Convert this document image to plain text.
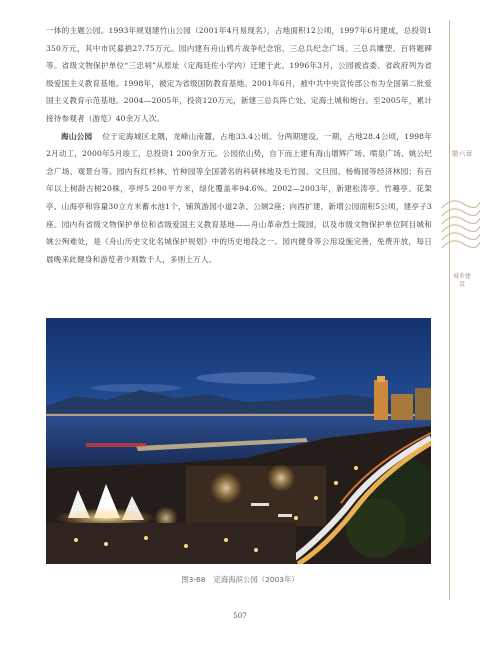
一体的主题公园。1993年规划建竹山公园（2001年4月易现名），占地面积12公顷，1997年6月建成，总投资1 350万元，其中市民募捐27.75万元。园内建有舟山鸦片战争纪念馆、三总兵纪念广场、三总兵雕塑、百将题碑等。省级文物保护单位“三忠祠”从原址（定海廷佐小学内）迁建于此。1996年3月，公园被省委、省政府列为省级爱国主义教育基地。1998年，被定为省级国防教育基地。2001年6月，被中共中央宣传部公布为全国第二批爱国主义教育示范基地。2004—2005年，投资120万元，新建三总兵阵亡处、定海土城和炮台。至2005年，累计接待参观者（游览）40余万人次。

海山公园 位于定海城区北隅，龙峰山南麓，占地33.4公顷。分两期建设，一期，占地28.4公顷，1998年2月动工，2000年5月竣工，总投资1 200余万元。公园依山势，自下而上建有海山增辉广场、喷泉广场、姚公纪念广场、观景台等。园内有红杉林、竹种园等全国著名的科研林地及毛竹园、文旦园、杨梅园等经济林园；有百年以上树龄古树20株，亭坪5 200平方米，绿化覆盖率94.6%。2002—2003年，新建松涛亭、竹趣亭、花架亭、山海亭和容量30立方米蓄水池1个，铺筑游园小道2条、公厕2座；向西扩建，新增公园面积5公顷，建亭子3座。园内有省级文物保护单位和省级爱国主义教育基地——舟山革命烈士陵园，以及市级文物保护单位阿目城和姚公殉难处，是《舟山历史文化名城保护规划》中的历史地段之一。园内健身等公用设施完善，免费开放，每日晨晚来此健身和游览者少则数千人，多则上万人。

第六章
城乡建设
图3-68 定海海滨公园（2003年）
507
